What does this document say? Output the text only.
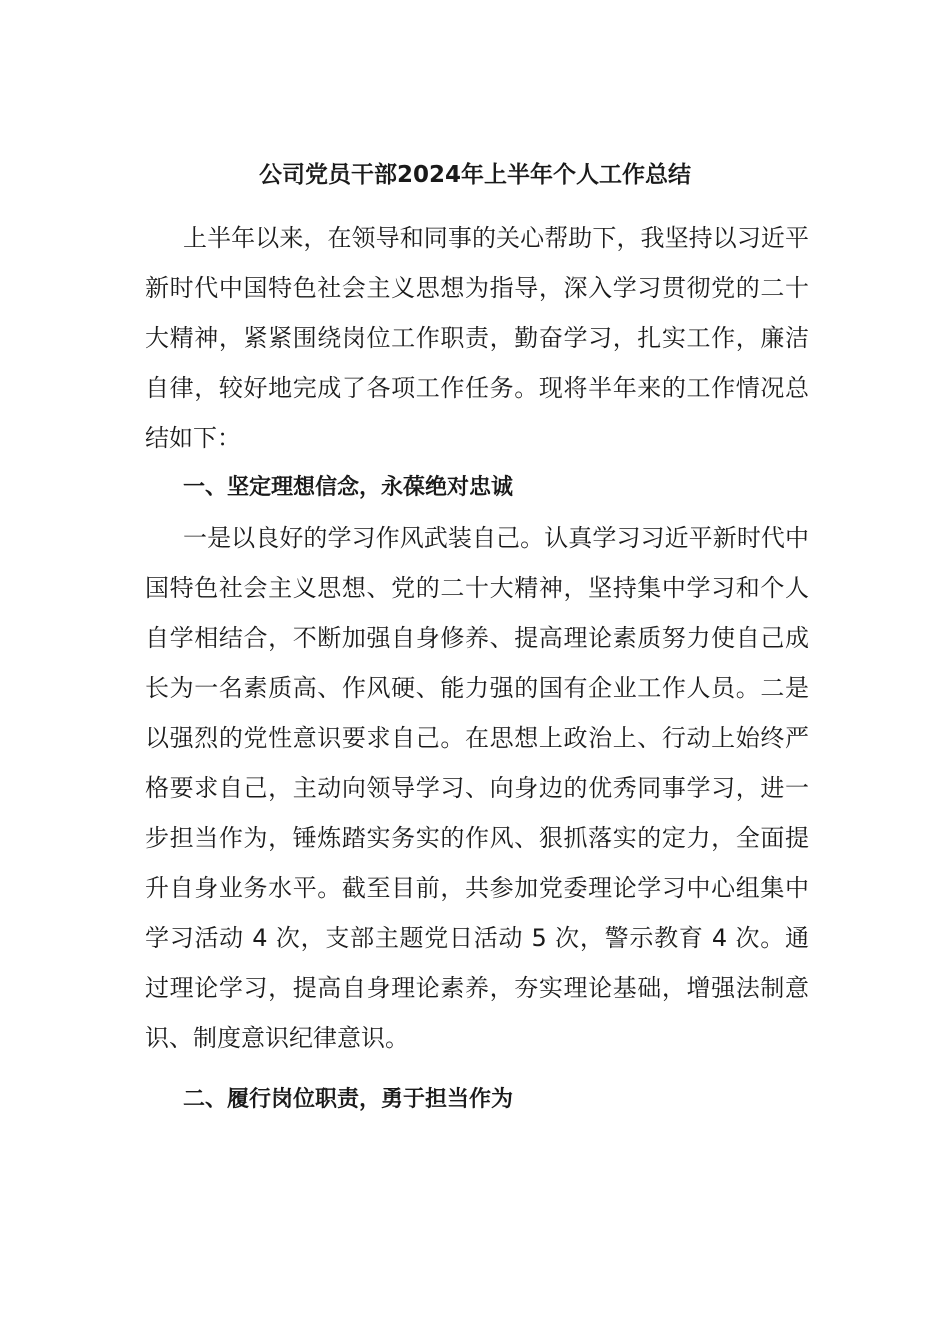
公司党员干部2024年上半年个人工作总结

上半年以来，在领导和同事的关心帮助下，我坚持以习近平新时代中国特色社会主义思想为指导，深入学习贯彻党的二十大精神，紧紧围绕岗位工作职责，勤奋学习，扎实工作，廉洁自律，较好地完成了各项工作任务。现将半年来的工作情况总结如下：

一、坚定理想信念，永葆绝对忠诚

一是以良好的学习作风武装自己。认真学习习近平新时代中国特色社会主义思想、党的二十大精神，坚持集中学习和个人自学相结合，不断加强自身修养、提高理论素质努力使自己成长为一名素质高、作风硬、能力强的国有企业工作人员。二是以强烈的党性意识要求自己。在思想上政治上、行动上始终严格要求自己，主动向领导学习、向身边的优秀同事学习，进一步担当作为，锤炼踏实务实的作风、狠抓落实的定力，全面提升自身业务水平。截至目前，共参加党委理论学习中心组集中学习活动 4 次，支部主题党日活动 5 次，警示教育 4 次。通过理论学习，提高自身理论素养，夯实理论基础，增强法制意识、制度意识纪律意识。

二、履行岗位职责，勇于担当作为
